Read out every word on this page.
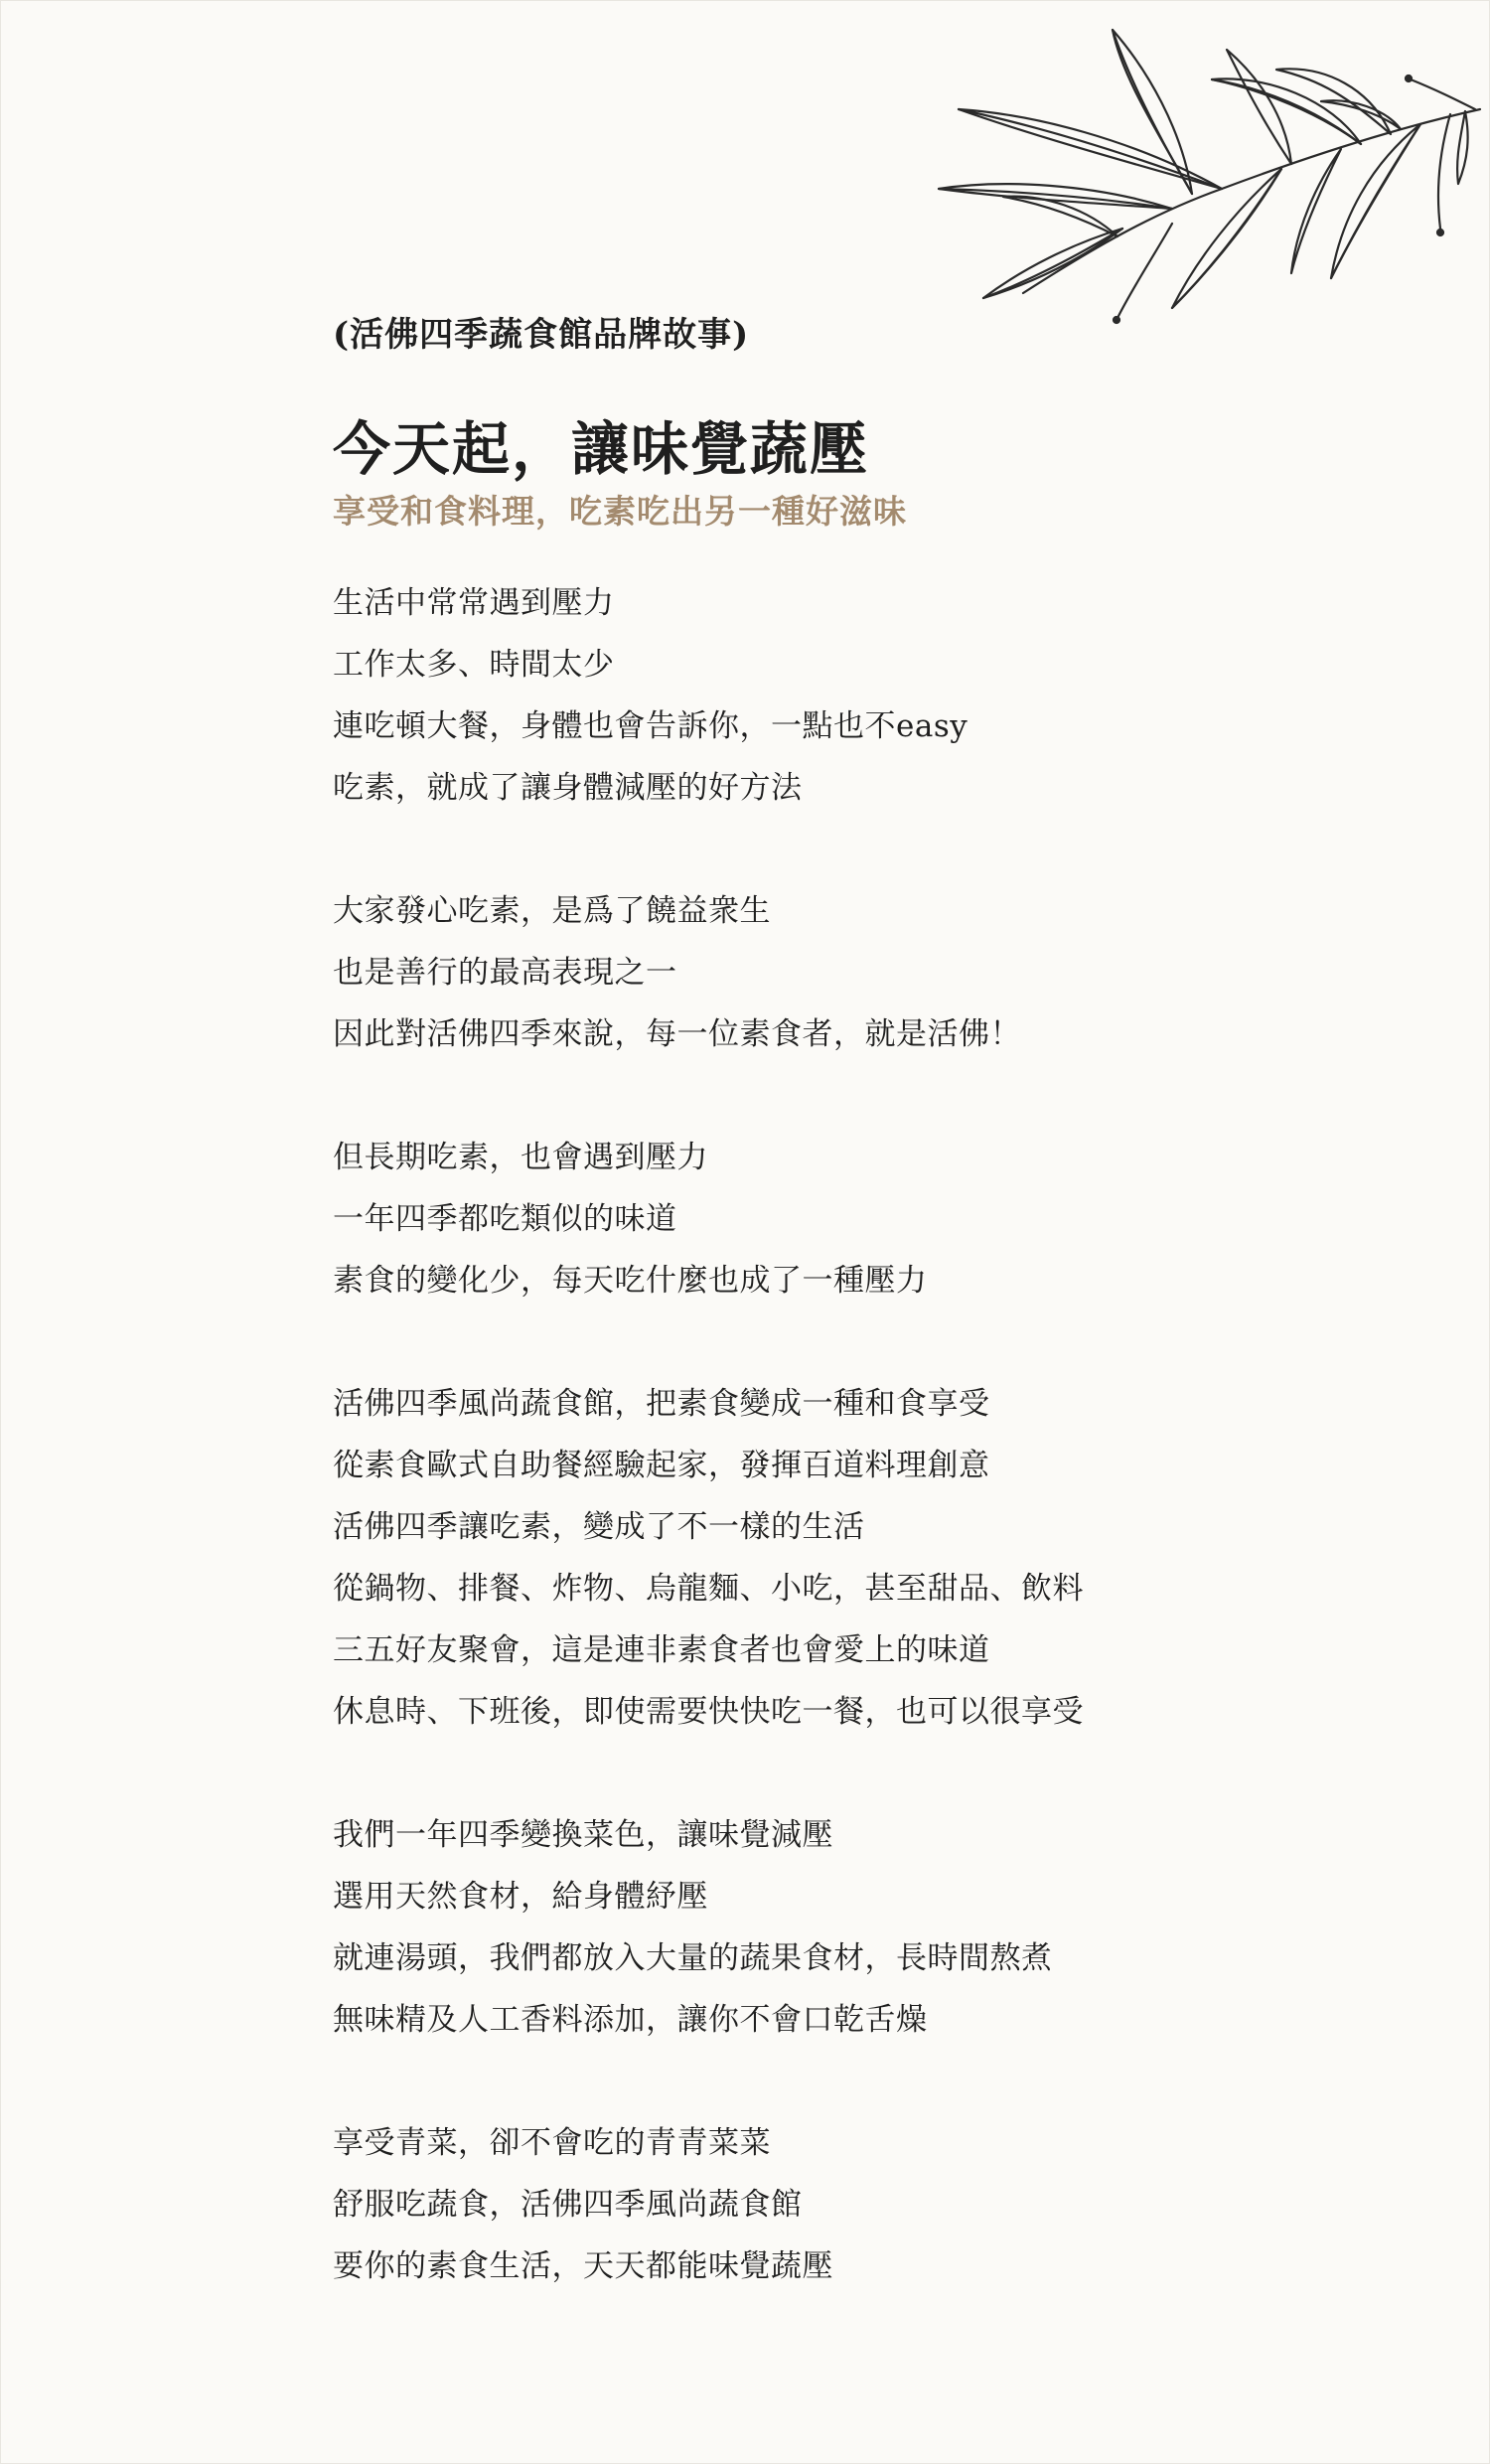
(活佛四季蔬食館品牌故事)
今天起，讓味覺蔬壓
享受和食料理，吃素吃出另一種好滋味
生活中常常遇到壓力
工作太多、時間太少
連吃頓大餐，身體也會告訴你，一點也不easy
吃素，就成了讓身體減壓的好方法
大家發心吃素，是爲了饒益衆生
也是善行的最高表現之一
因此對活佛四季來說，每一位素食者，就是活佛！
但長期吃素，也會遇到壓力
一年四季都吃類似的味道
素食的變化少，每天吃什麼也成了一種壓力
活佛四季風尚蔬食館，把素食變成一種和食享受
從素食歐式自助餐經驗起家，發揮百道料理創意
活佛四季讓吃素，變成了不一樣的生活
從鍋物、排餐、炸物、烏龍麵、小吃，甚至甜品、飲料
三五好友聚會，這是連非素食者也會愛上的味道
休息時、下班後，即使需要快快吃一餐，也可以很享受
我們一年四季變換菜色，讓味覺減壓
選用天然食材，給身體紓壓
就連湯頭，我們都放入大量的蔬果食材，長時間熬煮
無味精及人工香料添加，讓你不會口乾舌燥
享受青菜，卻不會吃的青青菜菜
舒服吃蔬食，活佛四季風尚蔬食館
要你的素食生活，天天都能味覺蔬壓
